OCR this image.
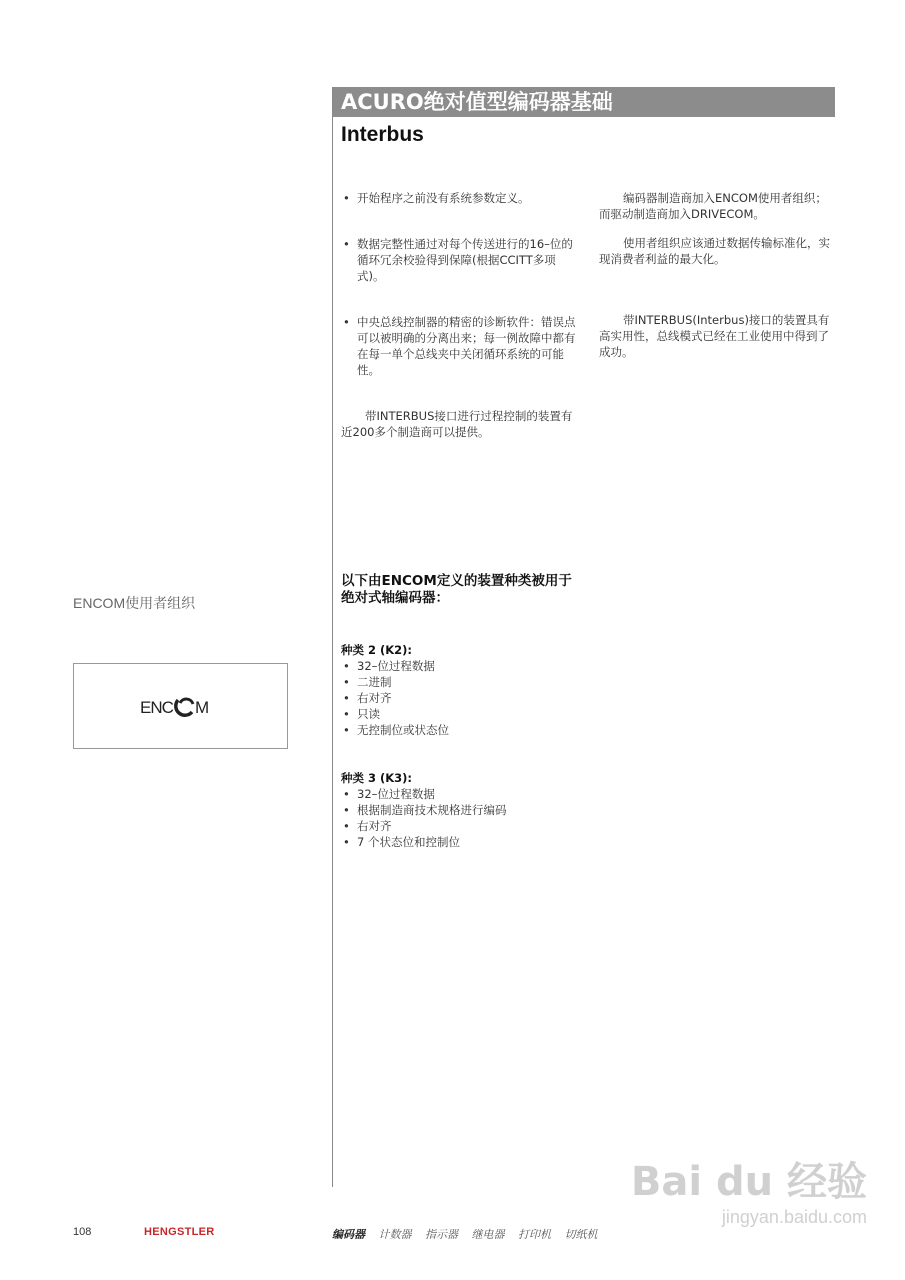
ACURO绝对值型编码器基础
Interbus

• 开始程序之前没有系统参数定义。

• 数据完整性通过对每个传送进行的16–位的循环冗余校验得到保障(根据CCITT多项式)。

• 中央总线控制器的精密的诊断软件：错误点可以被明确的分离出来；每一例故障中都有在每一单个总线夹中关闭循环系统的可能性。

带INTERBUS接口进行过程控制的装置有近200多个制造商可以提供。

编码器制造商加入ENCOM使用者组织；而驱动制造商加入DRIVECOM。

使用者组织应该通过数据传输标准化，实现消费者利益的最大化。

带INTERBUS(Interbus)接口的装置具有高实用性，总线模式已经在工业使用中得到了成功。

以下由ENCOM定义的装置种类被用于绝对式轴编码器：
种类 2 (K2):

• 32–位过程数据

• 二进制

• 右对齐

• 只读

• 无控制位或状态位

种类 3 (K3):

• 32–位过程数据

• 根据制造商技术规格进行编码

• 右对齐

• 7 个状态位和控制位

ENCOM使用者组织
ENC M
108	HENGSTLER	编码器 计数器 指示器 继电器 打印机 切纸机
Bai du 经验
jingyan.baidu.com
